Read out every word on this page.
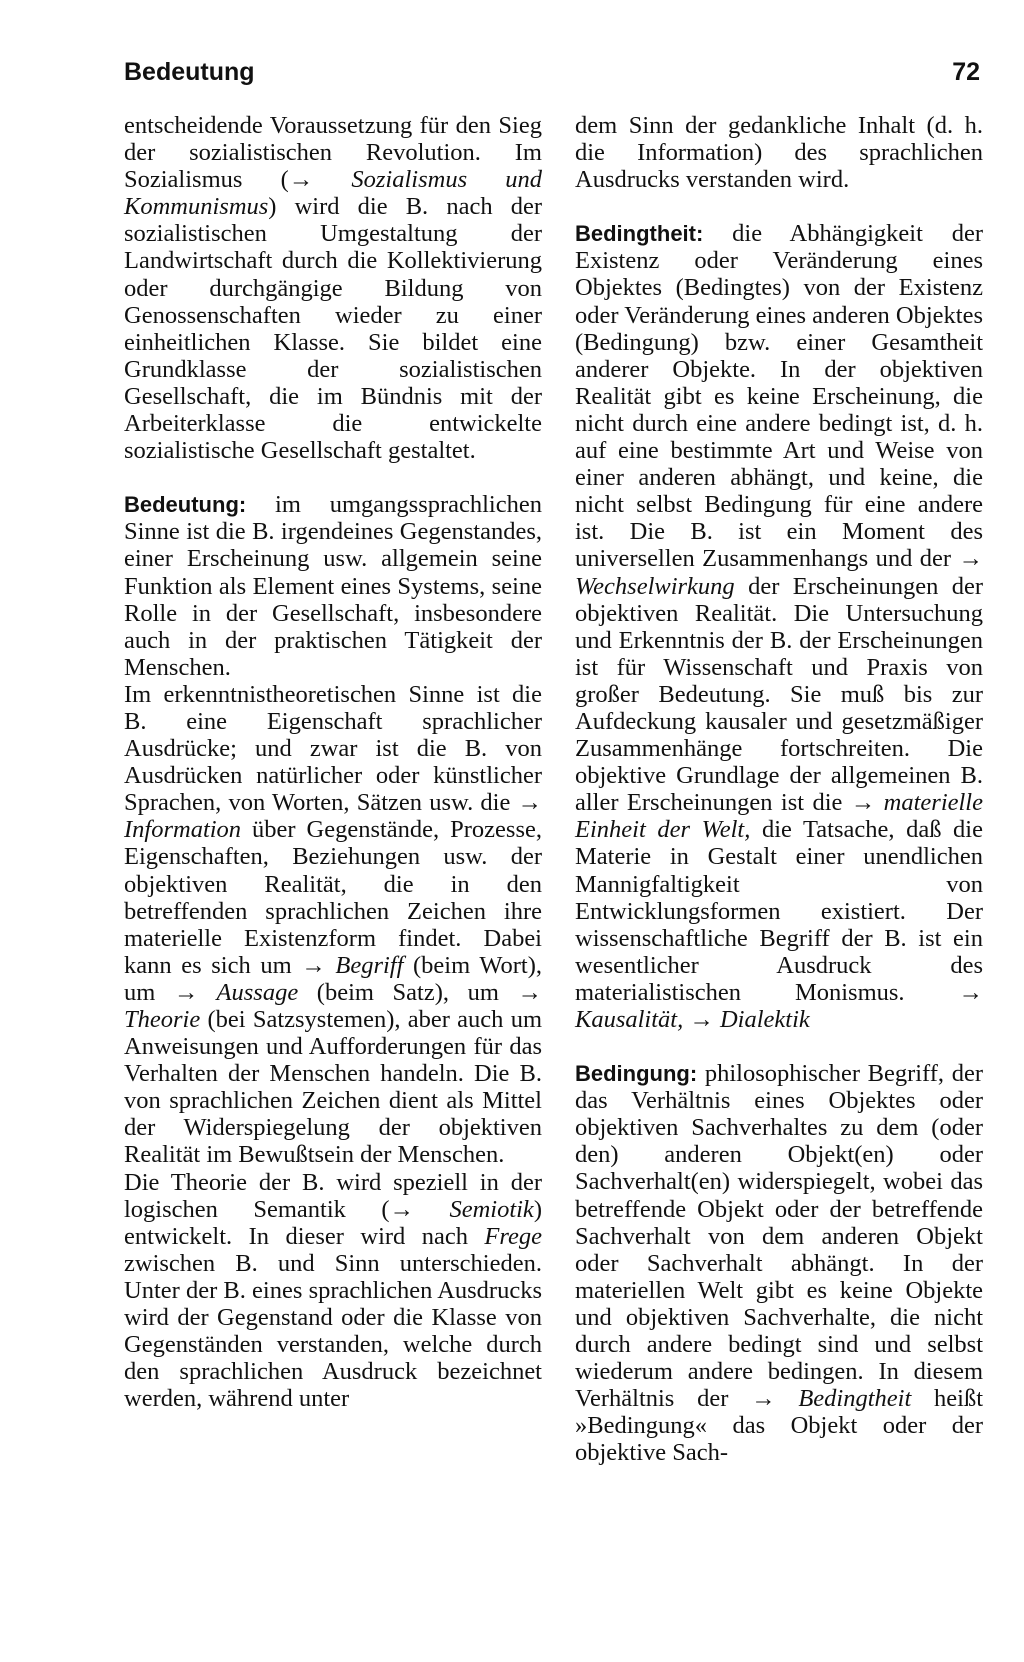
Bedeutung	72

entscheidende Voraussetzung für den Sieg der sozialistischen Revolution. Im Sozialismus (→ Sozialismus und Kommunismus) wird die B. nach der sozialistischen Umgestaltung der Landwirtschaft durch die Kollektivierung oder durchgängige Bildung von Genossenschaften wieder zu einer einheitlichen Klasse. Sie bildet eine Grundklasse der sozialistischen Gesellschaft, die im Bündnis mit der Arbeiterklasse die entwickelte sozialistische Gesellschaft gestaltet.

Bedeutung: im umgangssprachlichen Sinne ist die B. irgendeines Gegenstandes, einer Erscheinung usw. allgemein seine Funktion als Element eines Systems, seine Rolle in der Gesellschaft, insbesondere auch in der praktischen Tätigkeit der Menschen.

Im erkenntnistheoretischen Sinne ist die B. eine Eigenschaft sprachlicher Ausdrücke; und zwar ist die B. von Ausdrücken natürlicher oder künstlicher Sprachen, von Worten, Sätzen usw. die → Information über Gegenstände, Prozesse, Eigenschaften, Beziehungen usw. der objektiven Realität, die in den betreffenden sprachlichen Zeichen ihre materielle Existenzform findet. Dabei kann es sich um → Begriff (beim Wort), um → Aussage (beim Satz), um → Theorie (bei Satzsystemen), aber auch um Anweisungen und Aufforderungen für das Verhalten der Menschen handeln. Die B. von sprachlichen Zeichen dient als Mittel der Widerspiegelung der objektiven Realität im Bewußtsein der Menschen.

Die Theorie der B. wird speziell in der logischen Semantik (→ Semiotik) entwickelt. In dieser wird nach Frege zwischen B. und Sinn unterschieden. Unter der B. eines sprachlichen Ausdrucks wird der Gegenstand oder die Klasse von Gegenständen verstanden, welche durch den sprachlichen Ausdruck bezeichnet werden, während unter

dem Sinn der gedankliche Inhalt (d. h. die Information) des sprachlichen Ausdrucks verstanden wird.

Bedingtheit: die Abhängigkeit der Existenz oder Veränderung eines Objektes (Bedingtes) von der Existenz oder Veränderung eines anderen Objektes (Bedingung) bzw. einer Gesamtheit anderer Objekte. In der objektiven Realität gibt es keine Erscheinung, die nicht durch eine andere bedingt ist, d. h. auf eine bestimmte Art und Weise von einer anderen abhängt, und keine, die nicht selbst Bedingung für eine andere ist. Die B. ist ein Moment des universellen Zusammenhangs und der → Wechselwirkung der Erscheinungen der objektiven Realität. Die Untersuchung und Erkenntnis der B. der Erscheinungen ist für Wissenschaft und Praxis von großer Bedeutung. Sie muß bis zur Aufdeckung kausaler und gesetzmäßiger Zusammenhänge fortschreiten. Die objektive Grundlage der allgemeinen B. aller Erscheinungen ist die → materielle Einheit der Welt, die Tatsache, daß die Materie in Gestalt einer unendlichen Mannigfaltigkeit von Entwicklungsformen existiert. Der wissenschaftliche Begriff der B. ist ein wesentlicher Ausdruck des materialistischen Monismus. → Kausalität, → Dialektik

Bedingung: philosophischer Begriff, der das Verhältnis eines Objektes oder objektiven Sachverhaltes zu dem (oder den) anderen Objekt(en) oder Sachverhalt(en) widerspiegelt, wobei das betreffende Objekt oder der betreffende Sachverhalt von dem anderen Objekt oder Sachverhalt abhängt. In der materiellen Welt gibt es keine Objekte und objektiven Sachverhalte, die nicht durch andere bedingt sind und selbst wiederum andere bedingen. In diesem Verhältnis der → Bedingtheit heißt »Bedingung« das Objekt oder der objektive Sach-
